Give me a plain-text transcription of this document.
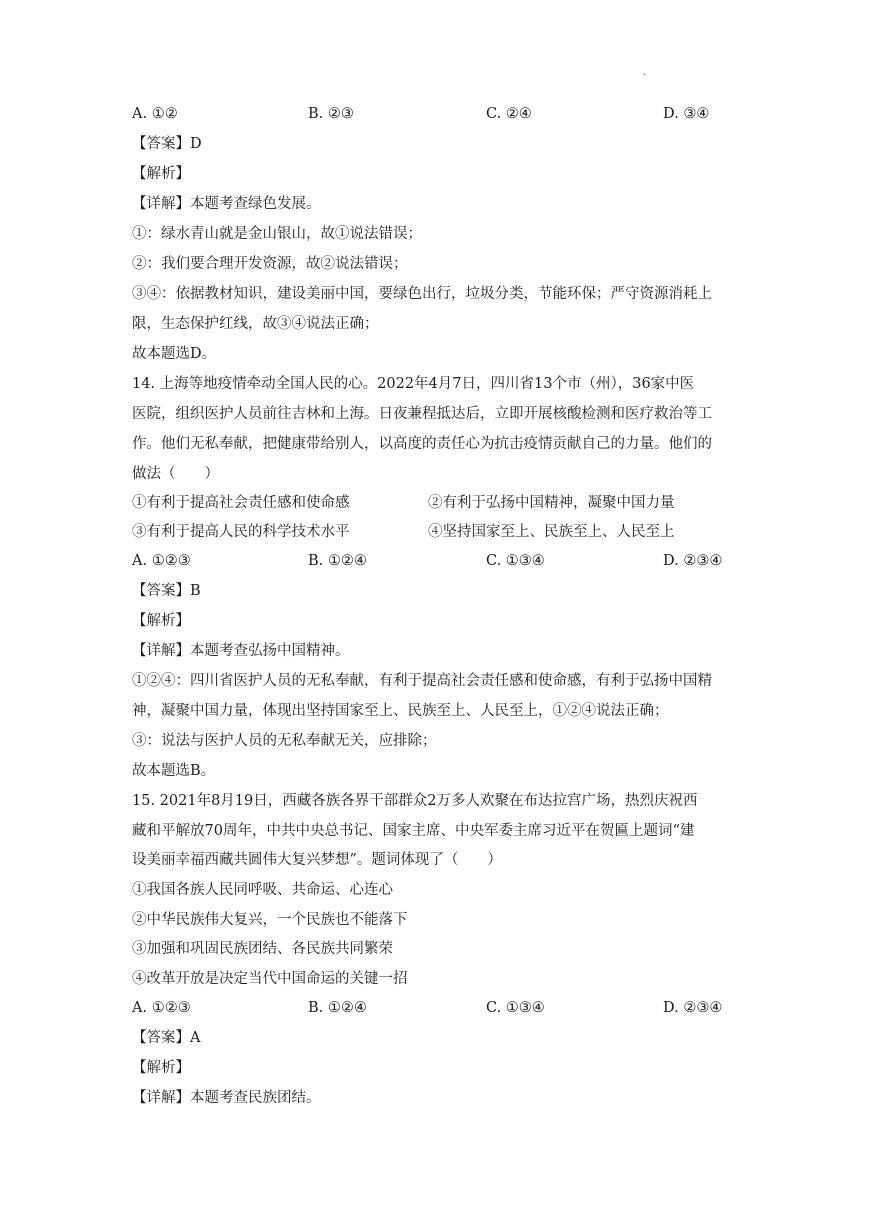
·
A. ①②	B. ②③	C. ②④	D. ③④
【答案】D
【解析】
【详解】本题考查绿色发展。
①：绿水青山就是金山银山，故①说法错误；
②：我们要合理开发资源，故②说法错误；
③④：依据教材知识，建设美丽中国，要绿色出行，垃圾分类，节能环保；严守资源消耗上
限，生态保护红线，故③④说法正确；
故本题选D。
14. 上海等地疫情牵动全国人民的心。2022年4月7日，四川省13个市（州），36家中医
医院，组织医护人员前往吉林和上海。日夜兼程抵达后，立即开展核酸检测和医疗救治等工
作。他们无私奉献，把健康带给别人，以高度的责任心为抗击疫情贡献自己的力量。他们的
做法（　　）
①有利于提高社会责任感和使命感	②有利于弘扬中国精神，凝聚中国力量
③有利于提高人民的科学技术水平	④坚持国家至上、民族至上、人民至上
A. ①②③	B. ①②④	C. ①③④	D. ②③④
【答案】B
【解析】
【详解】本题考查弘扬中国精神。
①②④：四川省医护人员的无私奉献，有利于提高社会责任感和使命感，有利于弘扬中国精
神，凝聚中国力量，体现出坚持国家至上、民族至上、人民至上，①②④说法正确；
③：说法与医护人员的无私奉献无关，应排除；
故本题选B。
15. 2021年8月19日，西藏各族各界干部群众2万多人欢聚在布达拉宫广场，热烈庆祝西
藏和平解放70周年，中共中央总书记、国家主席、中央军委主席习近平在贺匾上题词“建
设美丽幸福西藏共圆伟大复兴梦想”。题词体现了（　　）
①我国各族人民同呼吸、共命运、心连心
②中华民族伟大复兴，一个民族也不能落下
③加强和巩固民族团结、各民族共同繁荣
④改革开放是决定当代中国命运的关键一招
A. ①②③	B. ①②④	C. ①③④	D. ②③④
【答案】A
【解析】
【详解】本题考查民族团结。
